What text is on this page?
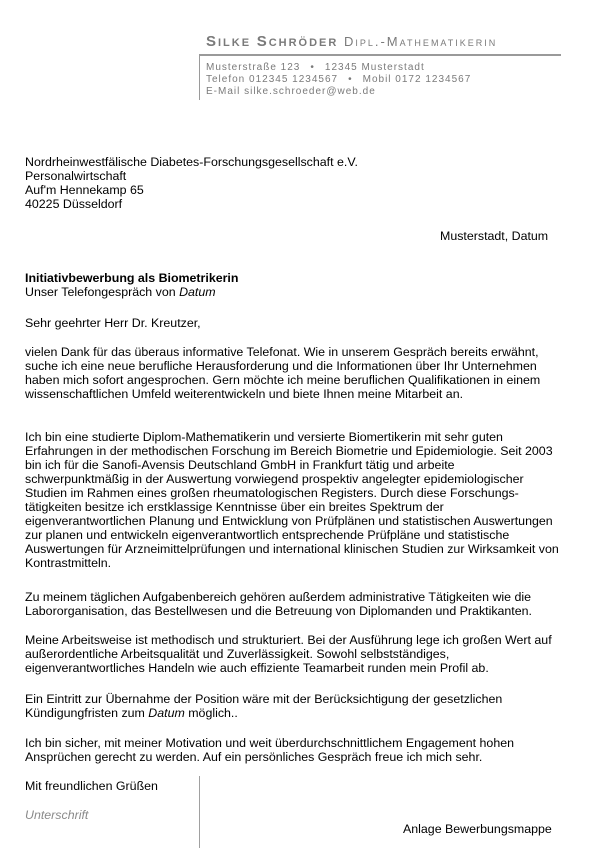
Silke Schröder Dipl.-Mathematikerin
Musterstraße 123 • 12345 Musterstadt
Telefon 012345 1234567 • Mobil 0172 1234567
E-Mail silke.schroeder@web.de
Nordrheinwestfälische Diabetes-Forschungsgesellschaft e.V.
Personalwirtschaft
Auf'm Hennekamp 65
40225 Düsseldorf
Musterstadt, Datum
Initiativbewerbung als Biometrikerin
Unser Telefongespräch von Datum
Sehr geehrter Herr Dr. Kreutzer,

vielen Dank für das überaus informative Telefonat. Wie in unserem Gespräch bereits erwähnt, suche ich eine neue berufliche Herausforderung und die Informationen über Ihr Unternehmen haben mich sofort angesprochen. Gern möchte ich meine beruflichen Qualifikationen in einem wissenschaftlichen Umfeld weiterentwickeln und biete Ihnen meine Mitarbeit an.

Ich bin eine studierte Diplom-Mathematikerin und versierte Biomertikerin mit sehr guten Erfahrungen in der methodischen Forschung im Bereich Biometrie und Epidemiologie. Seit 2003 bin ich für die Sanofi-Avensis Deutschland GmbH in Frankfurt tätig und arbeite schwerpunktmäßig in der Auswertung vorwiegend prospektiv angelegter epidemiologischer Studien im Rahmen eines großen rheumatologischen Registers. Durch diese Forschungs-tätigkeiten besitze ich erstklassige Kenntnisse über ein breites Spektrum der eigenverantwortlichen Planung und Entwicklung von Prüfplänen und statistischen Auswertungen zur planen und entwickeln eigenverantwortlich entsprechende Prüfpläne und statistische Auswertungen für Arzneimittelprüfungen und international klinischen Studien zur Wirksamkeit von Kontrastmitteln.

Zu meinem täglichen Aufgabenbereich gehören außerdem administrative Tätigkeiten wie die Labororganisation, das Bestellwesen und die Betreuung von Diplomanden und Praktikanten.

Meine Arbeitsweise ist methodisch und strukturiert. Bei der Ausführung lege ich großen Wert auf außerordentliche Arbeitsqualität und Zuverlässigkeit. Sowohl selbstständiges, eigenverantwortliches Handeln wie auch effiziente Teamarbeit runden mein Profil ab.

Ein Eintritt zur Übernahme der Position wäre mit der Berücksichtigung der gesetzlichen Kündigungfristen zum Datum möglich..

Ich bin sicher, mit meiner Motivation und weit überdurchschnittlichem Engagement hohen Ansprüchen gerecht zu werden. Auf ein persönliches Gespräch freue ich mich sehr.

Mit freundlichen Grüßen
Unterschrift
Anlage Bewerbungsmappe
